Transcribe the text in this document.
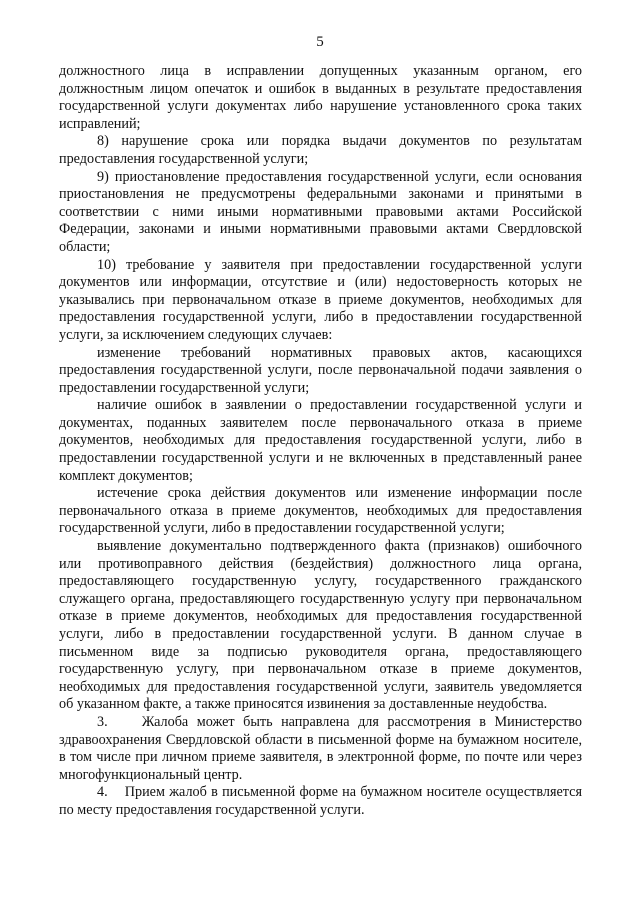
5

должностного лица в исправлении допущенных указанным органом, его должностным лицом опечаток и ошибок в выданных в результате предоставления государственной услуги документах либо нарушение установленного срока таких исправлений;

8) нарушение срока или порядка выдачи документов по результатам предоставления государственной услуги;

9) приостановление предоставления государственной услуги, если основания приостановления не предусмотрены федеральными законами и принятыми в соответствии с ними иными нормативными правовыми актами Российской Федерации, законами и иными нормативными правовыми актами Свердловской области;

10) требование у заявителя при предоставлении государственной услуги документов или информации, отсутствие и (или) недостоверность которых не указывались при первоначальном отказе в приеме документов, необходимых для предоставления государственной услуги, либо в предоставлении государственной услуги, за исключением следующих случаев:

изменение требований нормативных правовых актов, касающихся предоставления государственной услуги, после первоначальной подачи заявления о предоставлении государственной услуги;

наличие ошибок в заявлении о предоставлении государственной услуги и документах, поданных заявителем после первоначального отказа в приеме документов, необходимых для предоставления государственной услуги, либо в предоставлении государственной услуги и не включенных в представленный ранее комплект документов;

истечение срока действия документов или изменение информации после первоначального отказа в приеме документов, необходимых для предоставления государственной услуги, либо в предоставлении государственной услуги;

выявление документально подтвержденного факта (признаков) ошибочного или противоправного действия (бездействия) должностного лица органа, предоставляющего государственную услугу, государственного гражданского служащего органа, предоставляющего государственную услугу при первоначальном отказе в приеме документов, необходимых для предоставления государственной услуги, либо в предоставлении государственной услуги. В данном случае в письменном виде за подписью руководителя органа, предоставляющего государственную услугу, при первоначальном отказе в приеме документов, необходимых для предоставления государственной услуги, заявитель уведомляется об указанном факте, а также приносятся извинения за доставленные неудобства.

3.    Жалоба может быть направлена для рассмотрения в Министерство здравоохранения Свердловской области в письменной форме на бумажном носителе, в том числе при личном приеме заявителя, в электронной форме, по почте или через многофункциональный центр.

4.    Прием жалоб в письменной форме на бумажном носителе осуществляется по месту предоставления государственной услуги.
